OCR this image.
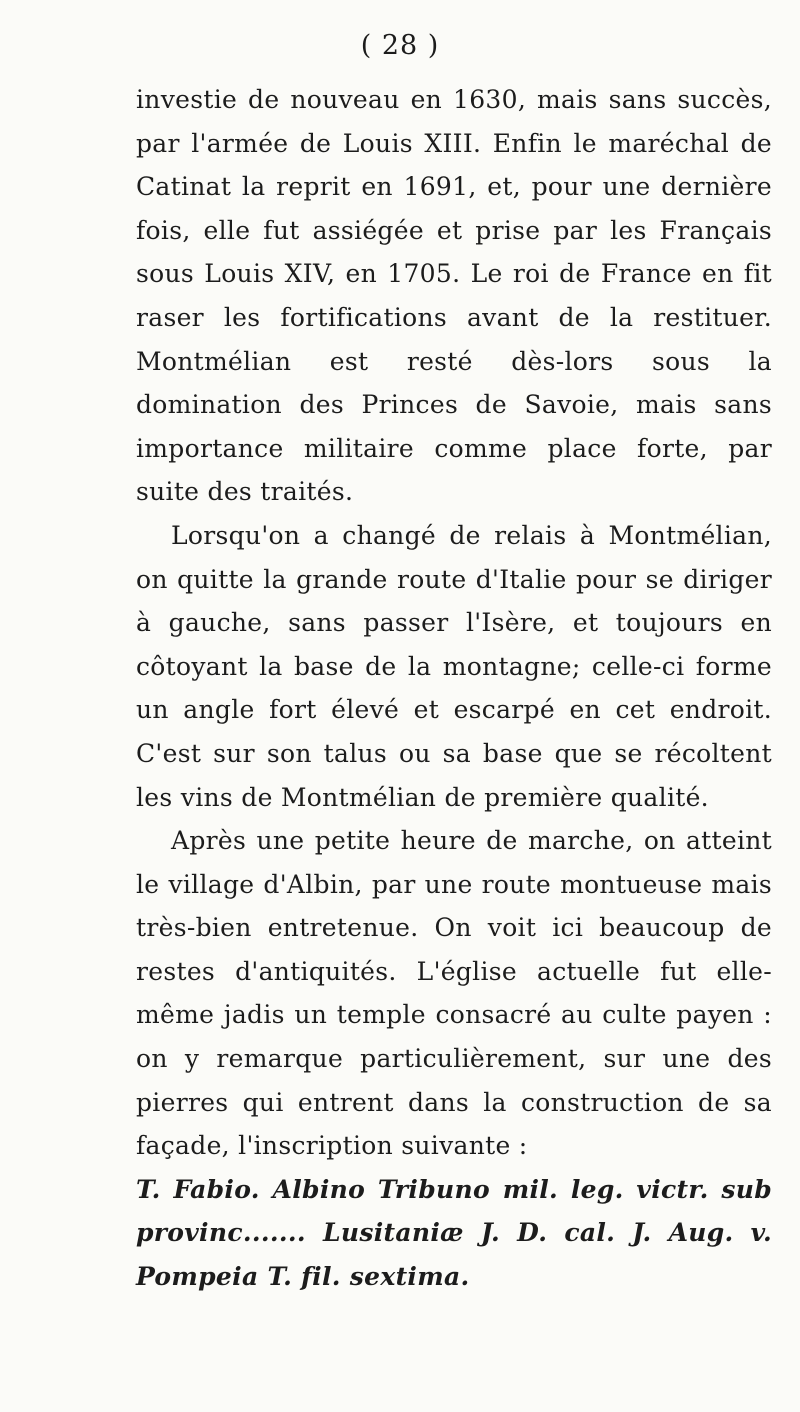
( 28 )

investie de nouveau en 1630, mais sans succès, par l'armée de Louis XIII. Enfin le maréchal de Catinat la reprit en 1691, et, pour une dernière fois, elle fut assiégée et prise par les Français sous Louis XIV, en 1705. Le roi de France en fit raser les fortifications avant de la restituer. Montmélian est resté dès-lors sous la domination des Princes de Savoie, mais sans importance militaire comme place forte, par suite des traités.

Lorsqu'on a changé de relais à Montmélian, on quitte la grande route d'Italie pour se diriger à gauche, sans passer l'Isère, et toujours en côtoyant la base de la montagne; celle-ci forme un angle fort élevé et escarpé en cet endroit. C'est sur son talus ou sa base que se récoltent les vins de Montmélian de première qualité.

Après une petite heure de marche, on atteint le village d'Albin, par une route montueuse mais très-bien entretenue. On voit ici beaucoup de restes d'antiquités. L'église actuelle fut elle-même jadis un temple consacré au culte payen : on y remarque particulièrement, sur une des pierres qui entrent dans la construction de sa façade, l'inscription suivante :

T. Fabio. Albino Tribuno mil. leg. victr. sub provinc....... Lusitaniæ J. D. cal. J. Aug. v. Pompeia T. fil. sextima.
